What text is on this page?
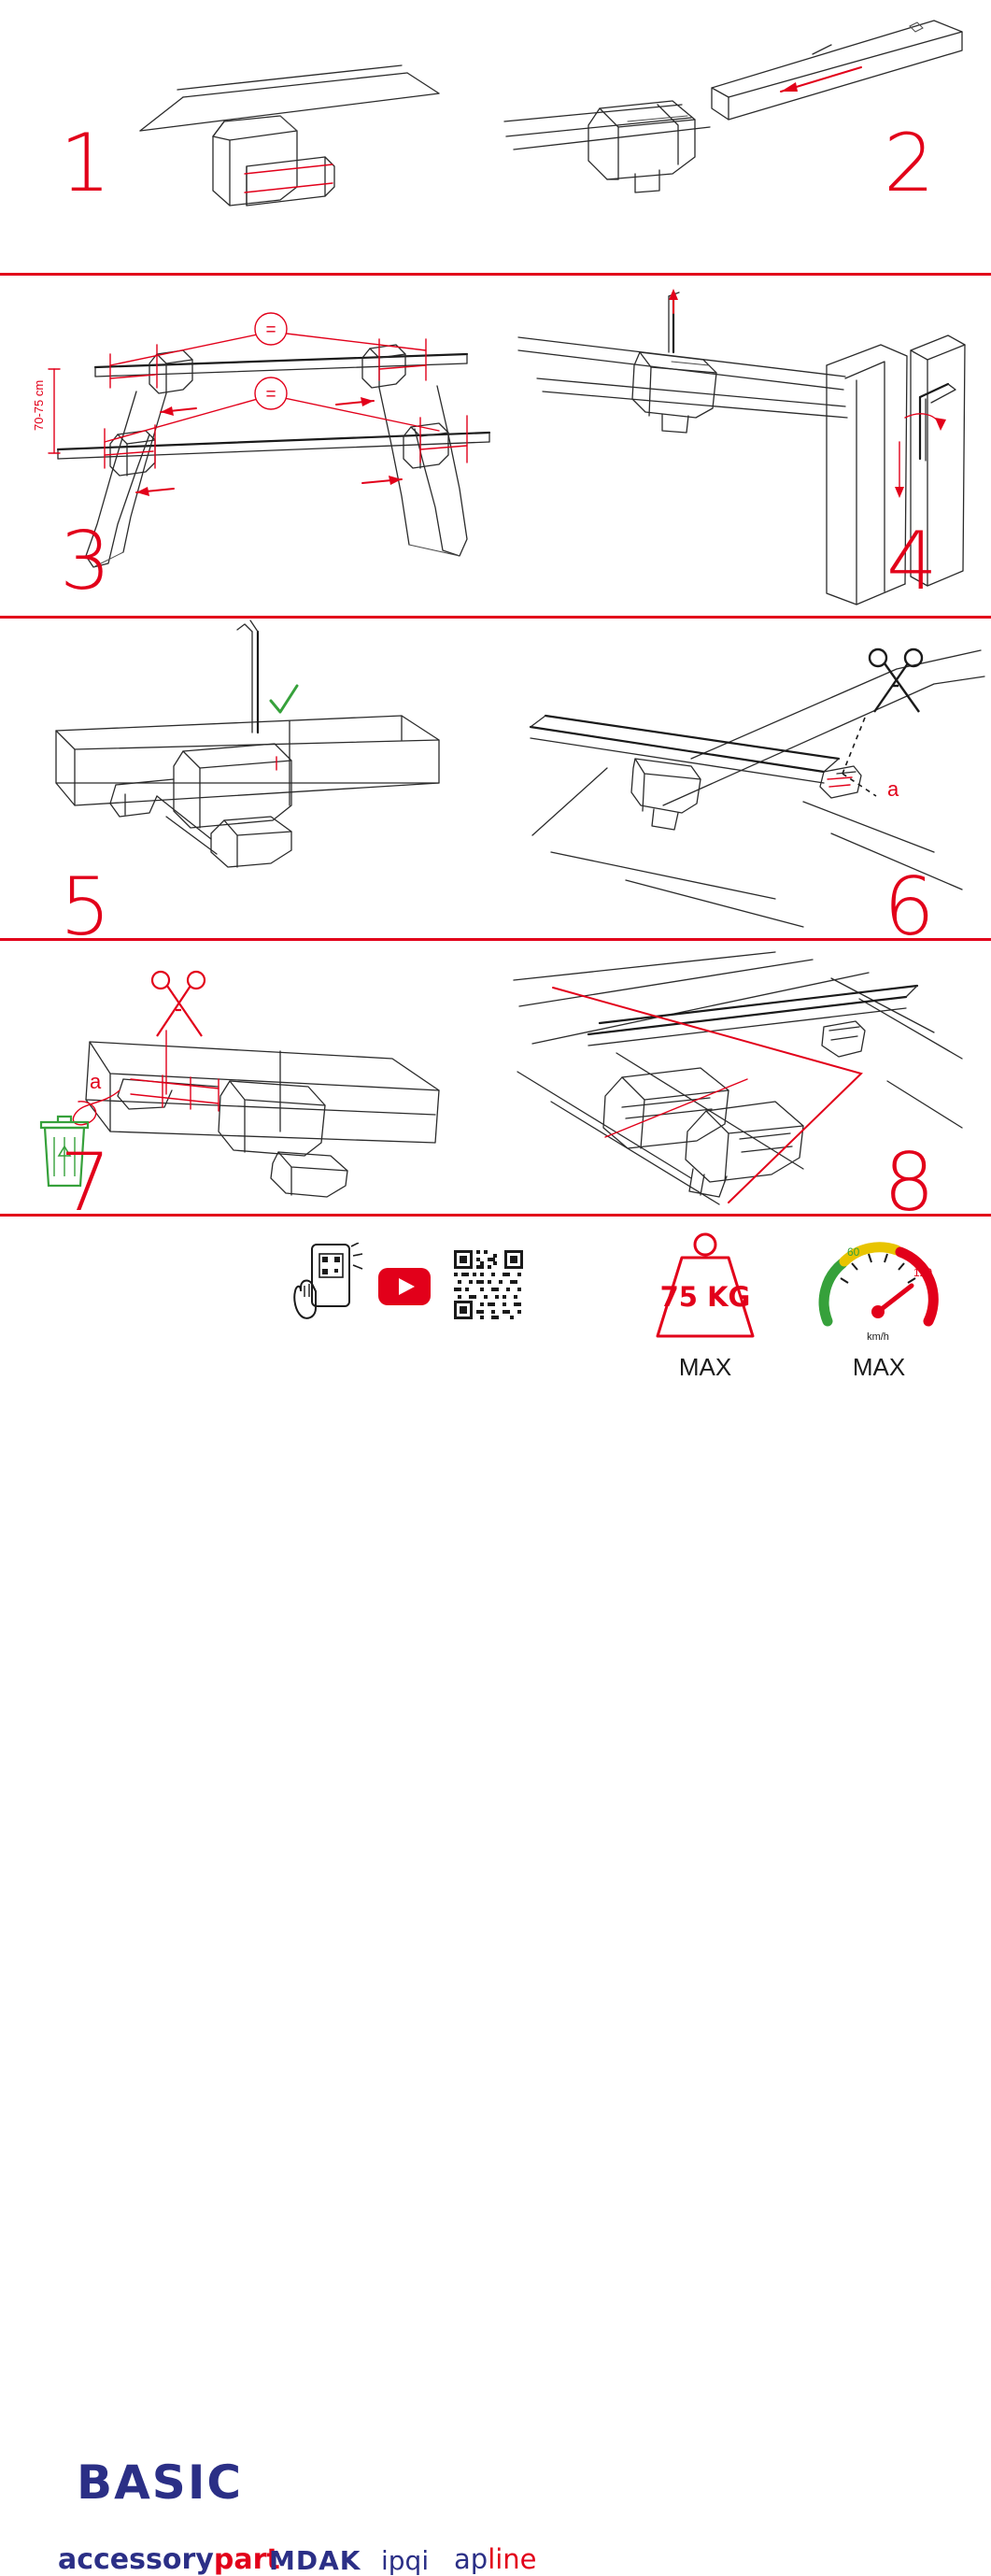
1	2
=
=
70-75 cm
3	4
5
a
6
a
7	8
BASIC
accessorypart
MDAK ipqi apline
75 KG
MAX
60
120
km/h
MAX
